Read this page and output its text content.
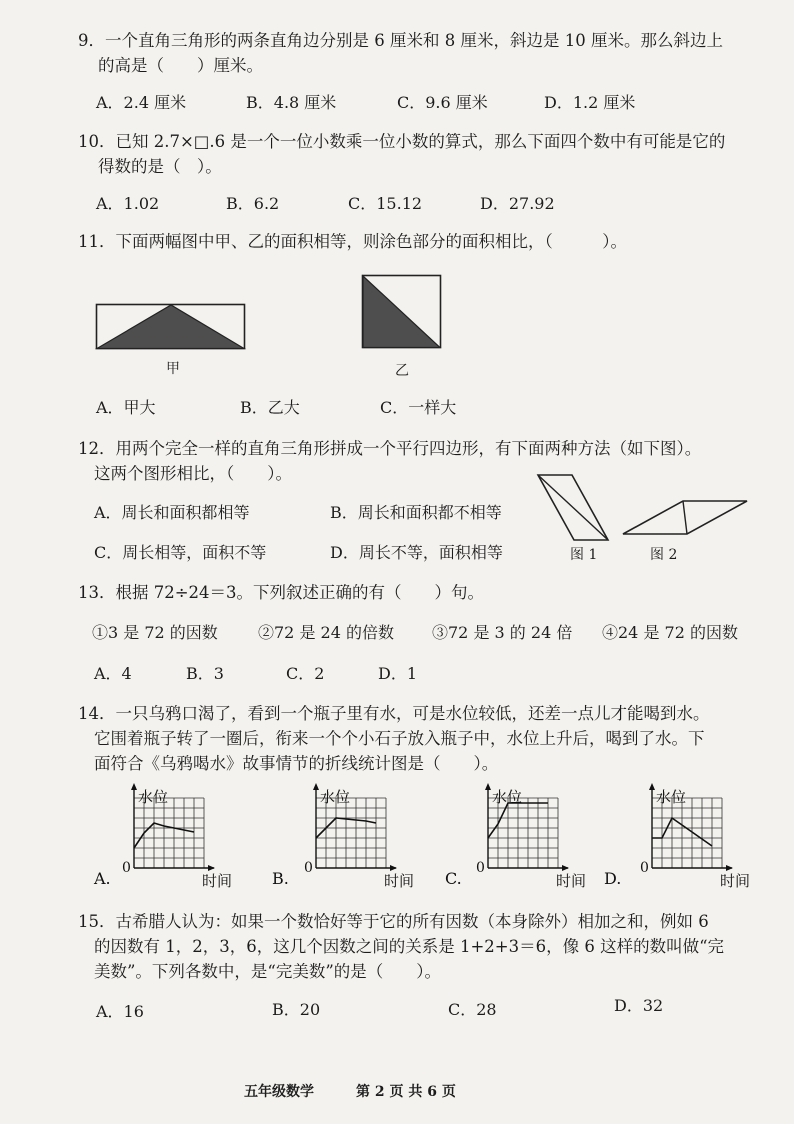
9．一个直角三角形的两条直角边分别是 6 厘米和 8 厘米，斜边是 10 厘米。那么斜边上
的高是（　　）厘米。
A．2.4 厘米	B．4.8 厘米	C．9.6 厘米	D．1.2 厘米
10．已知 2.7×□.6 是一个一位小数乘一位小数的算式，那么下面四个数中有可能是它的
得数的是（　）。
A．1.02	B．6.2	C．15.12	D．27.92
11．下面两幅图中甲、乙的面积相等，则涂色部分的面积相比，（　　　）。
甲	乙
A．甲大	B．乙大	C．一样大
12．用两个完全一样的直角三角形拼成一个平行四边形，有下面两种方法（如下图）。
这两个图形相比，（　　）。
A．周长和面积都相等	B．周长和面积都不相等
C．周长相等，面积不等	D．周长不等，面积相等	图 1	图 2
13．根据 72÷24＝3。下列叙述正确的有（　　）句。
①3 是 72 的因数	②72 是 24 的倍数 ③72 是 3 的 24 倍 ④24 是 72 的因数
A．4	B．3	C．2	D．1
14．一只乌鸦口渴了，看到一个瓶子里有水，可是水位较低，还差一点儿才能喝到水。
它围着瓶子转了一圈后，衔来一个个小石子放入瓶子中，水位上升后，喝到了水。下
面符合《乌鸦喝水》故事情节的折线统计图是（　　）。
水位
时间
0
A.
水位
时间
0
B.
水位
时间
0
C.
水位
时间
0
D.
15．古希腊人认为：如果一个数恰好等于它的所有因数（本身除外）相加之和，例如 6
的因数有 1，2，3，6，这几个因数之间的关系是 1+2+3＝6，像 6 这样的数叫做“完
美数”。下列各数中，是“完美数”的是（　　）。
A．16	B．20	C．28	D．32
五年级数学	第 2 页 共 6 页
